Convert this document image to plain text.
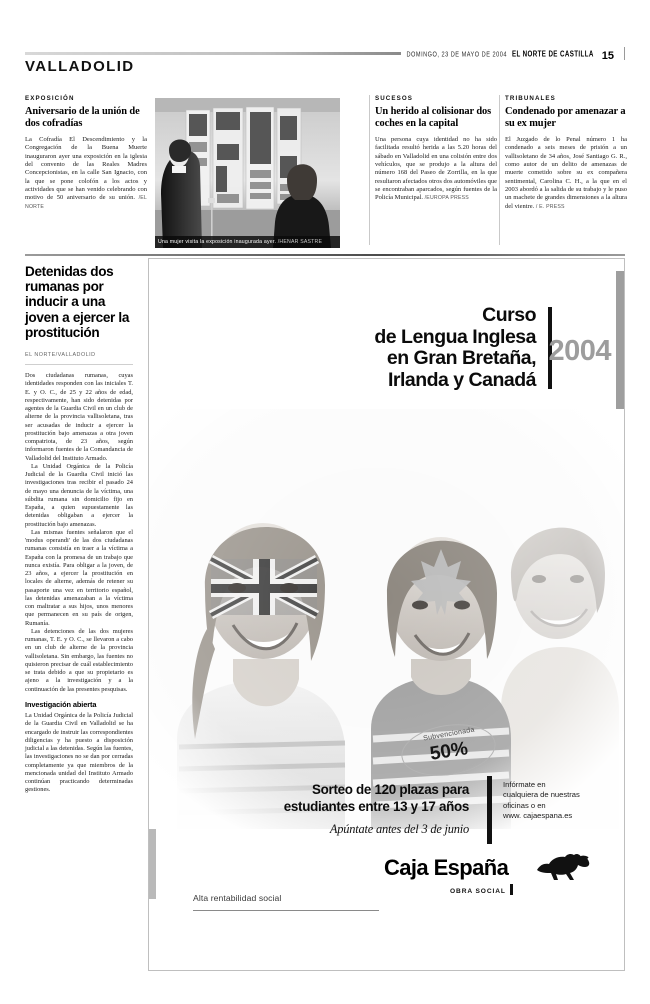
DOMINGO, 23 DE MAYO DE 2004 EL NORTE DE CASTILLA 15
VALLADOLID
EXPOSICIÓN
Aniversario de la unión de dos cofradías
La Cofradía El Descendimiento y la Congregación de la Buena Muerte inauguraron ayer una exposición en la iglesia del convento de las Reales Madres Concepcionistas, en la calle San Ignacio, con la que se pone colofón a los actos y actividades que se han venido celebrando con motivo de 50 aniversario de su unión. /EL NORTE
SUCESOS
Un herido al colisionar dos coches en la capital
Una persona cuya identidad no ha sido facilitada resultó herida a las 5.20 horas del sábado en Valladolid en una colisión entre dos vehículos, que se produjo a la altura del número 168 del Paseo de Zorrilla, en la que resultaron afectados otros dos automóviles que se encontraban aparcados, según fuentes de la Policía Municipal. /EUROPA PRESS
TRIBUNALES
Condenado por amenazar a su ex mujer
El Juzgado de lo Penal número 1 ha condenado a seis meses de prisión a un vallisoletano de 34 años, José Santiago G. R., como autor de un delito de amenazas de muerte cometido sobre su ex compañera sentimental, Carolina C. H., a la que en el 2003 abordó a la salida de su trabajo y le puso un machete de grandes dimensiones a la altura del vientre. / E. PRESS
Una mujer visita la exposición inaugurada ayer. /HENAR SASTRE
Detenidas dos rumanas por inducir a una joven a ejercer la prostitución
EL NORTE/VALLADOLID

Dos ciudadanas rumanas, cuyas identidades responden con las iniciales T. E. y O. C., de 25 y 22 años de edad, respectivamente, han sido detenidas por agentes de la Guardia Civil en un club de alterne de la provincia vallisoletana, tras ser acusadas de inducir a ejercer la prostitución bajo amenazas a otra joven compatriota, de 23 años, según informaron fuentes de la Comandancia de Valladolid del Instituto Armado.

La Unidad Orgánica de la Policía Judicial de la Guardia Civil inició las investigaciones tras recibir el pasado 24 de mayo una denuncia de la víctima, una súbdita rumana sin domicilio fijo en España, a quien supuestamente las detenidas obligaban a ejercer la prostitución bajo amenazas.

Las mismas fuentes señalaron que el 'modus operandi' de las dos ciudadanas rumanas consistía en traer a la víctima a España con la promesa de un trabajo que nunca existía. Para obligar a la joven, de 23 años, a ejercer la prostitución en locales de alterne, además de retener su pasaporte una vez en territorio español, las detenidas amenazaban a la víctima con maltratar a sus hijos, unos menores que permanecen en su país de origen, Rumanía.

Las detenciones de las dos mujeres rumanas, T. E. y O. C., se llevaron a cabo en un club de alterne de la provincia vallisoletana. Sin embargo, las fuentes no quisieron precisar de cuál establecimiento se trata debido a que su propietario es ajeno a la investigación y a la continuación de las presentes pesquisas.

Investigación abierta

La Unidad Orgánica de la Policía Judicial de la Guardia Civil en Valladolid se ha encargado de instruir las correspondientes diligencias y ha puesto a disposición judicial a las detenidas. Según las fuentes, las investigaciones no se dan por cerradas completamente ya que miembros de la mencionada unidad del Instituto Armado continúan practicando determinadas gestiones.

Curso
de Lengua Inglesa
en Gran Bretaña,
Irlanda y Canadá
2004
Subvencionada
50%
Sorteo de 120 plazas para
estudiantes entre 13 y 17 años
Apúntate antes del 3 de junio
Infórmate en
cualquiera de nuestras
oficinas o en
www. cajaespana.es
Caja España
OBRA SOCIAL
Alta rentabilidad social
